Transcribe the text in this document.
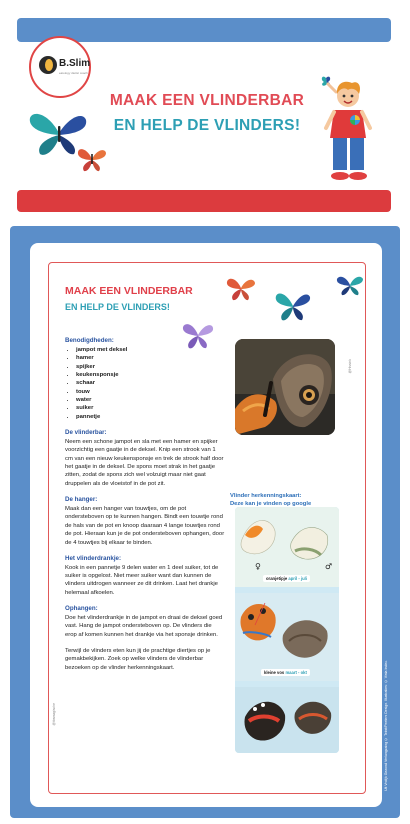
B.Slim
eatology dietist coach
MAAK EEN VLINDERBAR
EN HELP DE VLINDERS!
MAAK EEN VLINDERBAR
EN HELP DE VLINDERS!
Benodigdheden:
• jampot met deksel
• hamer
• spijker
• keukensponsje
• schaar
• touw
• water
• suiker
• pannetje
De vlinderbar:

Neem een schone jampot en sla met een hamer en spijker voorzichtig een gaatje in de deksel. Knip een strook van 1 cm van een nieuw keukensponsje en trek de strook half door het gaatje in de deksel. De spons moet strak in het gaatje zitten, zodat de spons zich wel volzuigt maar niet gaat druppelen als de vloeistof in de pot zit.

De hanger:

Maak dan een hanger van touwtjes, om de pot ondersteboven op te kunnen hangen. Bindt een touwtje rond de hals van de pot en knoop daaraan 4 lange touwtjes rond de pot. Hieraan kun je de pot ondersteboven ophangen, door de 4 touwtjes bij elkaar te binden.

Het vlinderdrankje:

Kook in een pannetje 9 delen water en 1 deel suiker, tot de suiker is opgelost. Niet meer suiker want dan kunnen de vlinders uitdrogen wanneer ze dit drinken. Laat het drankje helemaal afkoelen.

Ophangen:

Doe het vlinderdrankje in de jampot en draai de deksel goed vast. Hang de jampot ondersteboven op. De vlinders die erop af komen kunnen het drankje via het sponsje drinken.

Terwijl de vlinders eten kun jij de prachtige diertjes op je gemakbekijken. Zoek op welke vlinders de vlinderbar bezoeken op de vlinder herkenningskaart.

@Hissink
Vlinder herkenningskaart:
Deze kan je vinden op google
♀	♂
oranjetipje april - juli
kleine vos maart - okt
@tbsmagische	Uit Vrolijk Gezond Verlangzaing © Tekst/Peeters Design. Illustraties: © Vista Index.
